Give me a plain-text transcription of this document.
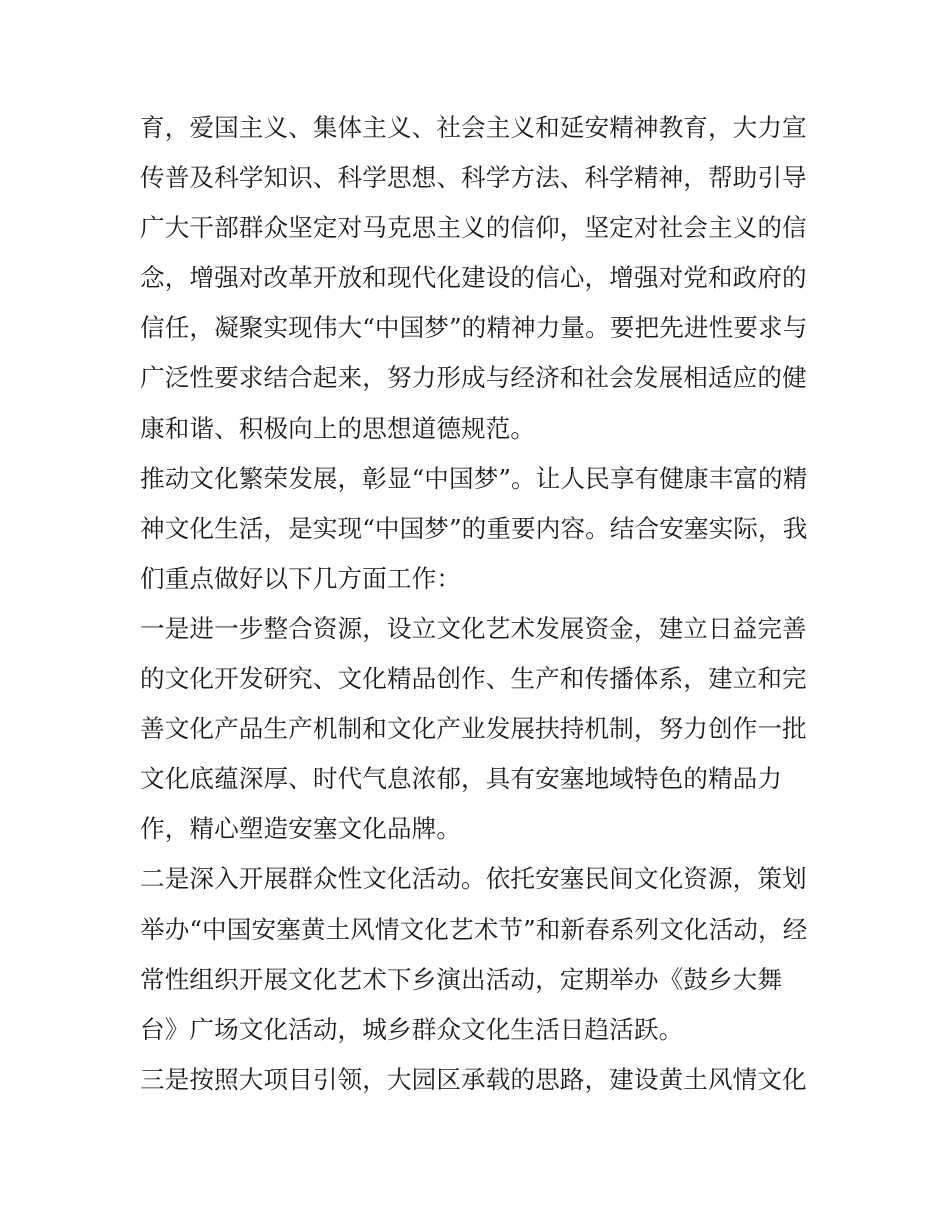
育，爱国主义、集体主义、社会主义和延安精神教育，大力宣
传普及科学知识、科学思想、科学方法、科学精神，帮助引导
广大干部群众坚定对马克思主义的信仰，坚定对社会主义的信
念，增强对改革开放和现代化建设的信心，增强对党和政府的
信任，凝聚实现伟大“中国梦”的精神力量。要把先进性要求与
广泛性要求结合起来，努力形成与经济和社会发展相适应的健
康和谐、积极向上的思想道德规范。
推动文化繁荣发展，彰显“中国梦”。让人民享有健康丰富的精
神文化生活，是实现“中国梦”的重要内容。结合安塞实际，我
们重点做好以下几方面工作：
一是进一步整合资源，设立文化艺术发展资金，建立日益完善
的文化开发研究、文化精品创作、生产和传播体系，建立和完
善文化产品生产机制和文化产业发展扶持机制，努力创作一批
文化底蕴深厚、时代气息浓郁，具有安塞地域特色的精品力
作，精心塑造安塞文化品牌。
二是深入开展群众性文化活动。依托安塞民间文化资源，策划
举办“中国安塞黄土风情文化艺术节”和新春系列文化活动，经
常性组织开展文化艺术下乡演出活动，定期举办《鼓乡大舞
台》广场文化活动，城乡群众文化生活日趋活跃。
三是按照大项目引领，大园区承载的思路，建设黄土风情文化
